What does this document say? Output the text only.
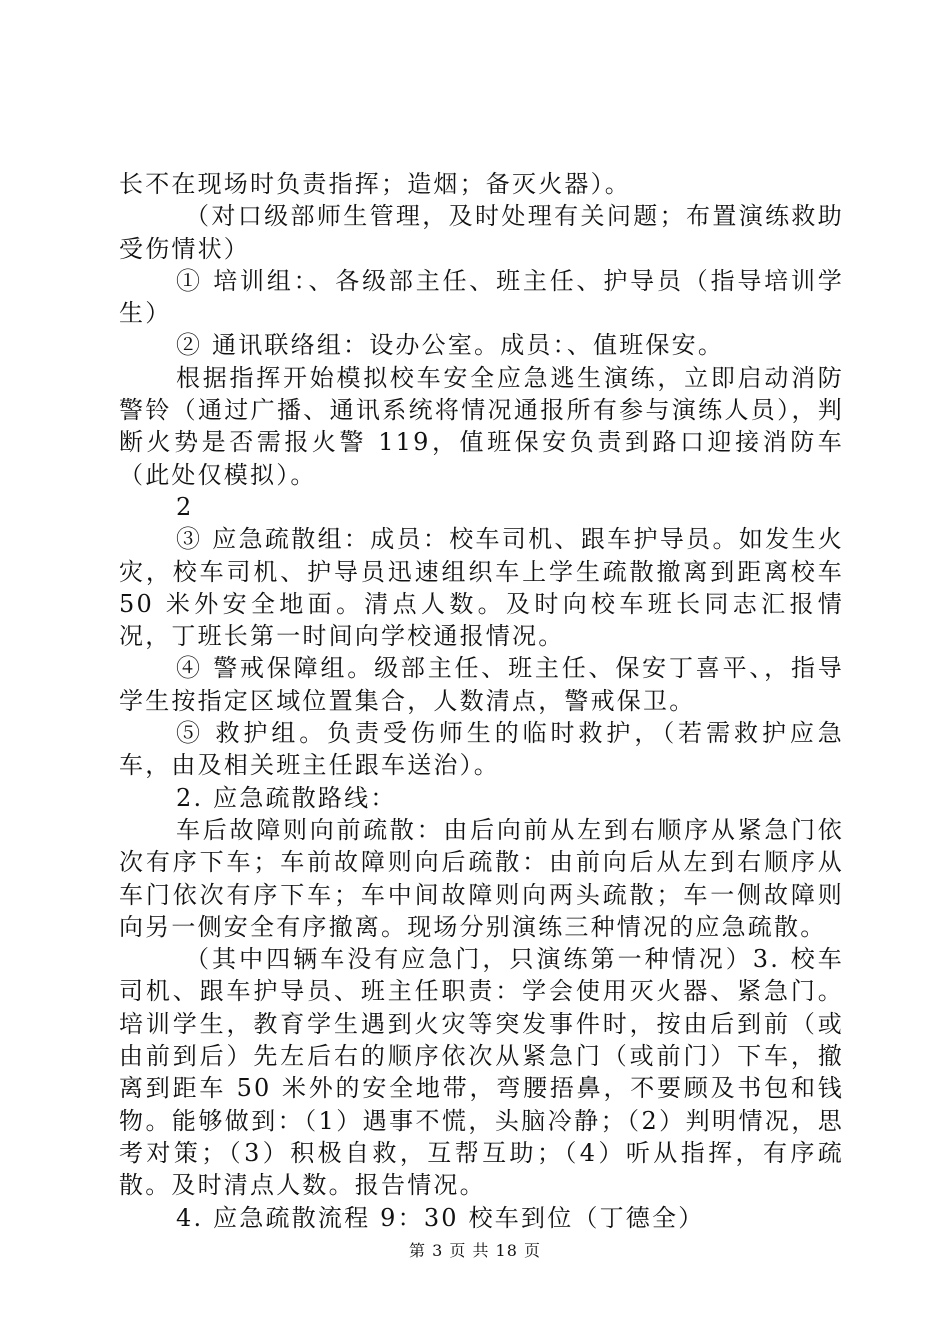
长不在现场时负责指挥；造烟；备灭火器）。

（对口级部师生管理，及时处理有关问题；布置演练救助受伤情状）

① 培训组：、各级部主任、班主任、护导员（指导培训学生）

② 通讯联络组：设办公室。成员：、值班保安。

根据指挥开始模拟校车安全应急逃生演练，立即启动消防警铃（通过广播、通讯系统将情况通报所有参与演练人员），判断火势是否需报火警 119，值班保安负责到路口迎接消防车（此处仅模拟）。

2

③ 应急疏散组：成员：校车司机、跟车护导员。如发生火灾，校车司机、护导员迅速组织车上学生疏散撤离到距离校车 50 米外安全地面。清点人数。及时向校车班长同志汇报情况，丁班长第一时间向学校通报情况。

④ 警戒保障组。级部主任、班主任、保安丁喜平、，指导学生按指定区域位置集合，人数清点，警戒保卫。

⑤ 救护组。负责受伤师生的临时救护，（若需救护应急车，由及相关班主任跟车送治）。

2. 应急疏散路线：

车后故障则向前疏散：由后向前从左到右顺序从紧急门依次有序下车；车前故障则向后疏散：由前向后从左到右顺序从车门依次有序下车；车中间故障则向两头疏散；车一侧故障则向另一侧安全有序撤离。现场分别演练三种情况的应急疏散。

（其中四辆车没有应急门，只演练第一种情况）3. 校车司机、跟车护导员、班主任职责：学会使用灭火器、紧急门。培训学生，教育学生遇到火灾等突发事件时，按由后到前（或由前到后）先左后右的顺序依次从紧急门（或前门）下车，撤离到距车 50 米外的安全地带，弯腰捂鼻，不要顾及书包和钱物。能够做到：（1）遇事不慌，头脑冷静；（2）判明情况，思考对策；（3）积极自救，互帮互助；（4）听从指挥，有序疏散。及时清点人数。报告情况。

4. 应急疏散流程 9：30 校车到位（丁德全）

第 3 页 共 18 页
